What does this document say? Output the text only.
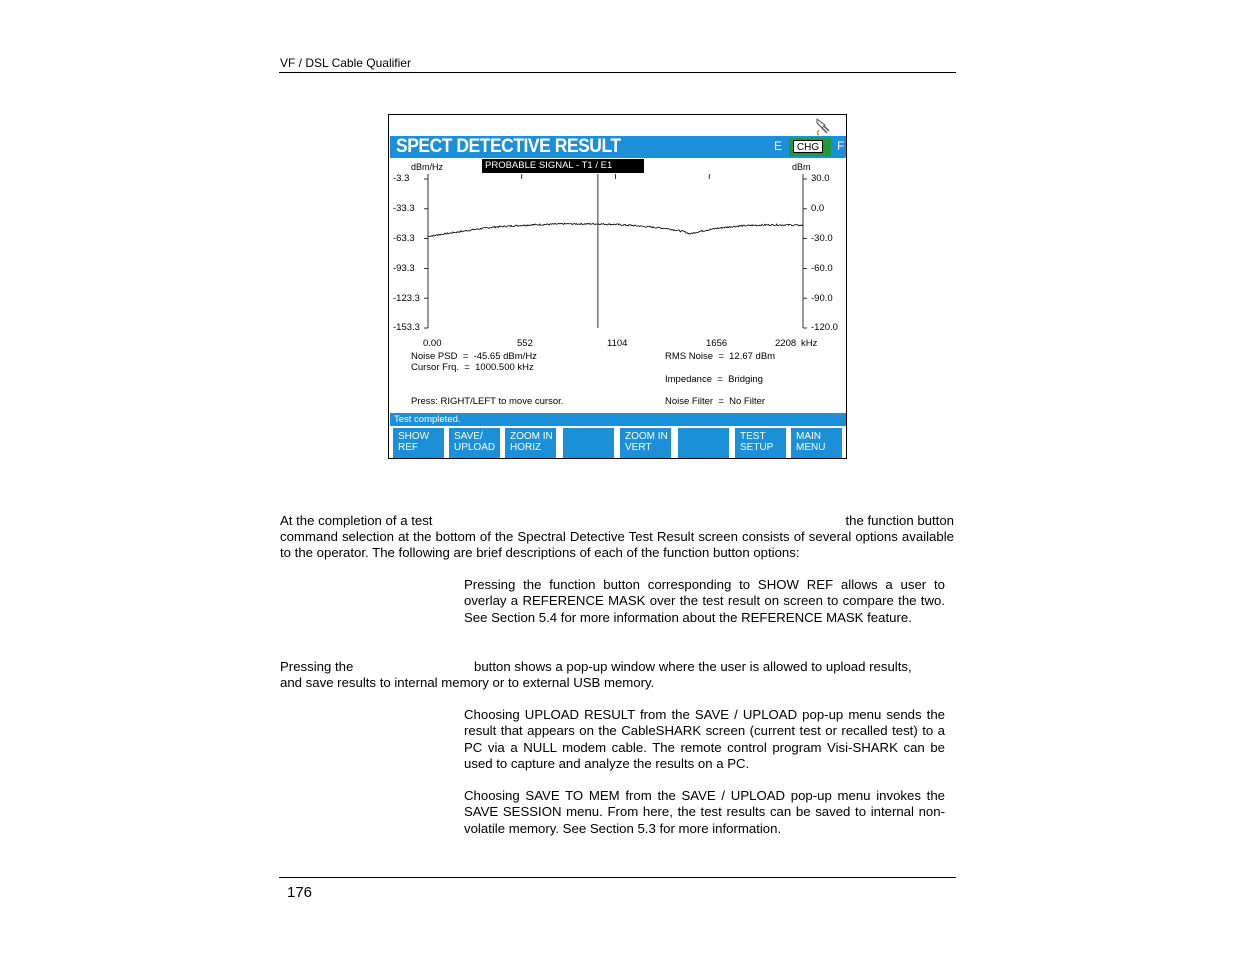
VF / DSL Cable Qualifier
SPECT DETECTIVE RESULT	E	CHG	F
dBm/Hz	dBm
PROBABLE SIGNAL - T1 / E1
-3.3
-33.3
-63.3
-93.3
-123.3
-153.3
30.0
0.0
-30.0
-60.0
-90.0
-120.0
0.00	552	1104	1656	2208 kHz
Noise PSD  =  -45.65 dBm/Hz
Cursor Frq.  =  1000.500 kHz
RMS Noise  =  12.67 dBm
Impedance  =  Bridging
Press: RIGHT/LEFT to move cursor.	Noise Filter  =  No Filter
Test completed.
SHOW
REF
SAVE/
UPLOAD
ZOOM IN
HORIZ
ZOOM IN
VERT
TEST
SETUP
MAIN
MENU
At the completion of a test	the function button
command selection at the bottom of the Spectral Detective Test Result screen consists of several options available to the operator. The following are brief descriptions of each of the function button options:
Pressing the function button corresponding to SHOW REF allows a user to overlay a REFERENCE MASK over the test result on screen to compare the two. See Section 5.4 for more information about the REFERENCE MASK feature.
Pressing the	button shows a pop-up window where the user is allowed to upload results,
and save results to internal memory or to external USB memory.
Choosing UPLOAD RESULT from the SAVE / UPLOAD pop-up menu sends the result that appears on the CableSHARK screen (current test or recalled test) to a PC via a NULL modem cable. The remote control program Visi-SHARK can be used to capture and analyze the results on a PC.
Choosing SAVE TO MEM from the SAVE / UPLOAD pop-up menu invokes the SAVE SESSION menu. From here, the test results can be saved to internal non-volatile memory. See Section 5.3 for more information.
176
